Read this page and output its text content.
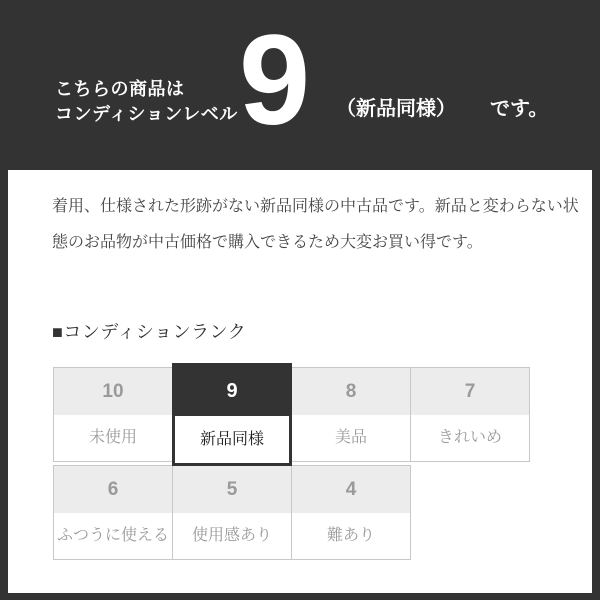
こちらの商品は
コンディションレベル 9 （新品同様） です。

着用、仕様された形跡がない新品同様の中古品です。新品と変わらない状態のお品物が中古価格で購入できるため大変お買い得です。

■コンディションランク
10
未使用
9
新品同様
8
美品
7
きれいめ
6
ふつうに使える
5
使用感あり
4
難あり
